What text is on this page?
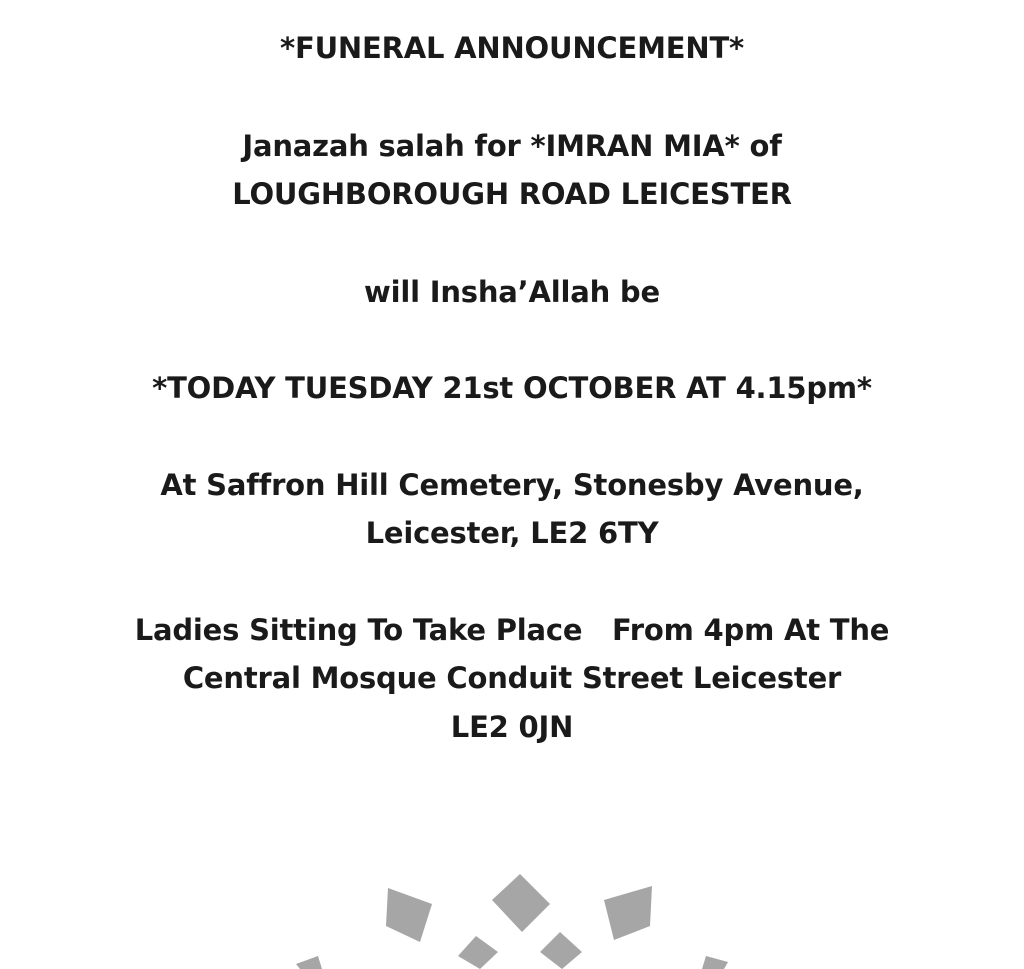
*FUNERAL ANNOUNCEMENT*
Janazah salah for *IMRAN MIA* of
LOUGHBOROUGH ROAD LEICESTER
will Insha’Allah be
*TODAY TUESDAY 21st OCTOBER AT 4.15pm*
At Saffron Hill Cemetery, Stonesby Avenue,
Leicester, LE2 6TY
Ladies Sitting To Take Place   From 4pm At The
Central Mosque Conduit Street Leicester
LE2 0JN
